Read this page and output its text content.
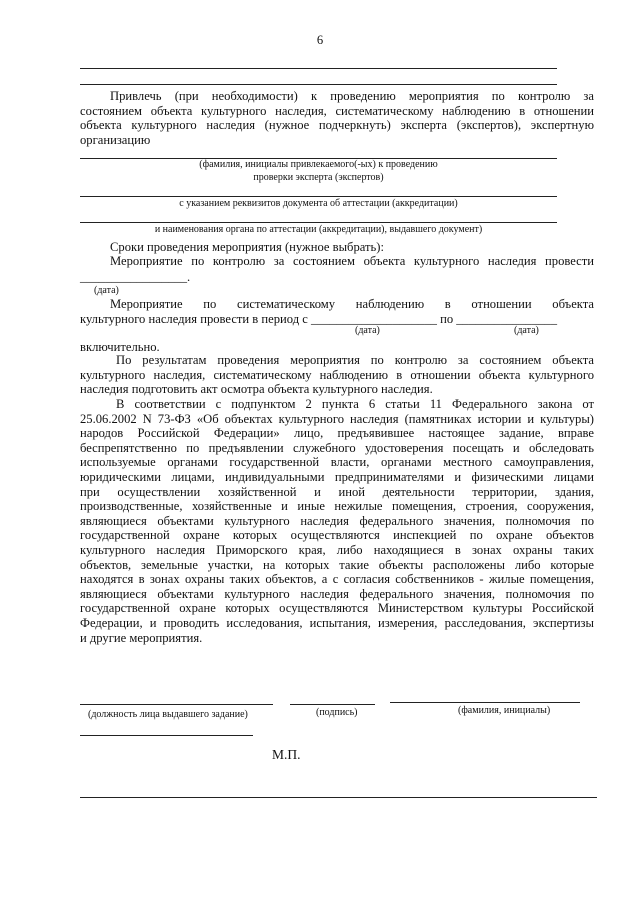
6
Привлечь (при необходимости) к проведению мероприятия по контролю за
состоянием объекта культурного наследия, систематическому наблюдению в отношении
объекта культурного наследия (нужное подчеркнуть) эксперта (экспертов), экспертную
организацию
(фамилия, инициалы привлекаемого(-ых) к проведению
проверки эксперта (экспертов)
с указанием реквизитов документа об аттестации (аккредитации)
и наименования органа по аттестации (аккредитации), выдавшего документ)
Сроки проведения мероприятия (нужное выбрать):
Мероприятие по контролю за состоянием объекта культурного наследия провести
_________________.
(дата)
Мероприятие по систематическому наблюдению в отношении объекта
культурного наследия провести в период с ____________________ по ________________
(дата)	(дата)
включительно.
По результатам проведения мероприятия по контролю за состоянием объекта
культурного наследия, систематическому наблюдению в отношении объекта культурного
наследия подготовить акт осмотра объекта культурного наследия.
В соответствии с подпунктом 2 пункта 6 статьи 11 Федерального закона от
25.06.2002 N 73-ФЗ «Об объектах культурного наследия (памятниках истории и культуры)
народов Российской Федерации» лицо, предъявившее настоящее задание, вправе
беспрепятственно по предъявлении служебного удостоверения посещать и обследовать
используемые органами государственной власти, органами местного самоуправления,
юридическими лицами, индивидуальными предпринимателями и физическими лицами
при осуществлении хозяйственной и иной деятельности территории, здания,
производственные, хозяйственные и иные нежилые помещения, строения, сооружения,
являющиеся объектами культурного наследия федерального значения, полномочия по
государственной охране которых осуществляются инспекцией по охране объектов
культурного наследия Приморского края, либо находящиеся в зонах охраны таких
объектов, земельные участки, на которых такие объекты расположены либо которые
находятся в зонах охраны таких объектов, а с согласия собственников - жилые помещения,
являющиеся объектами культурного наследия федерального значения, полномочия по
государственной охране которых осуществляются Министерством культуры Российской
Федерации, и проводить исследования, испытания, измерения, расследования, экспертизы
и другие мероприятия.
(должность лица выдавшего задание)	(подпись)	(фамилия, инициалы)
М.П.
